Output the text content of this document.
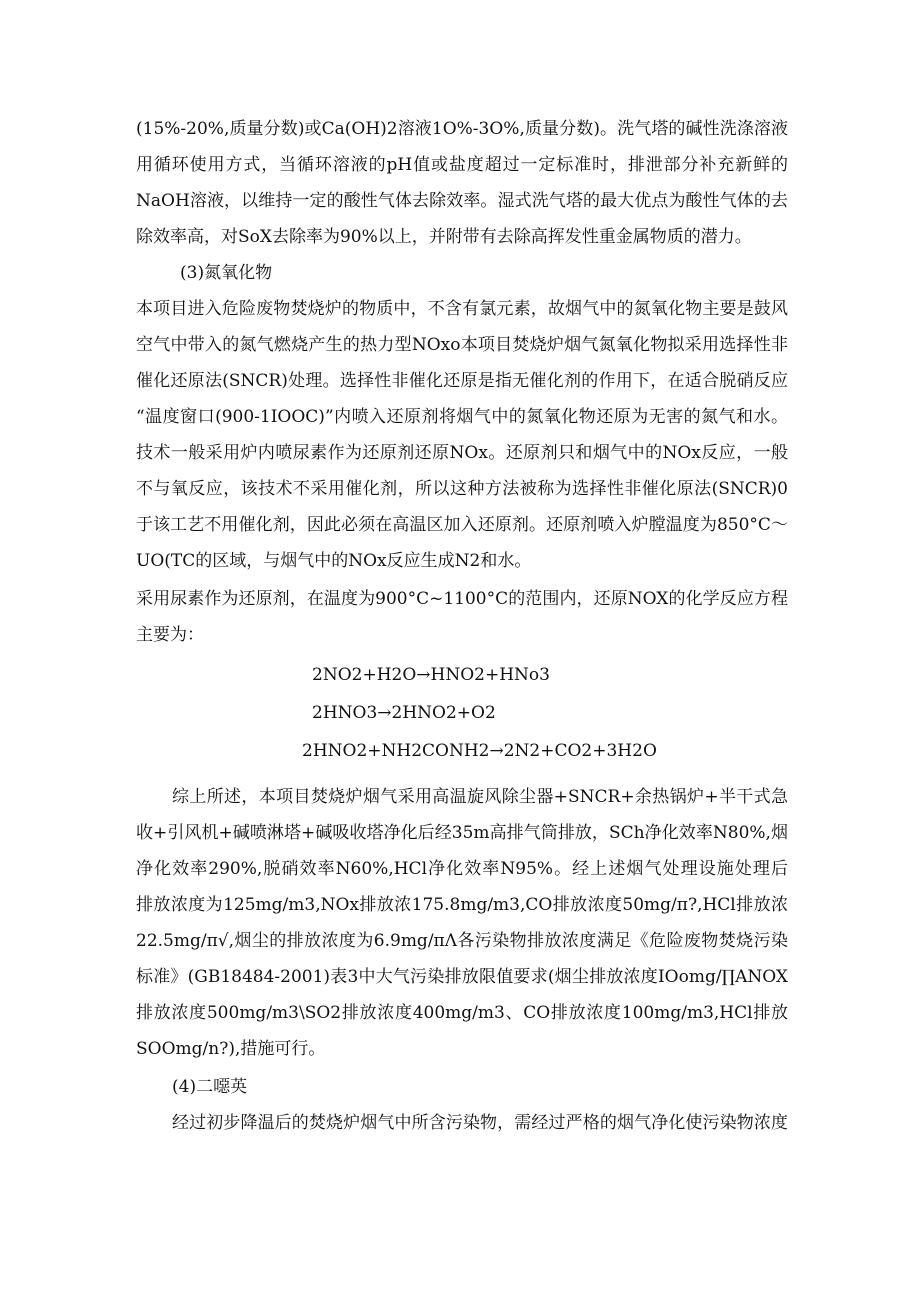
(15%-20%,质量分数)或Ca(OH)2溶液1O%-3O%,质量分数)。洗气塔的碱性洗涤溶液
用循环使用方式，当循环溶液的pH值或盐度超过一定标准时，排泄部分补充新鲜的
NaOH溶液，以维持一定的酸性气体去除效率。湿式洗气塔的最大优点为酸性气体的去
除效率高，对SoX去除率为90%以上，并附带有去除高挥发性重金属物质的潜力。
(3)氮氧化物
本项目进入危险废物焚烧炉的物质中，不含有氯元素，故烟气中的氮氧化物主要是鼓风
空气中带入的氮气燃烧产生的热力型NOxo本项目焚烧炉烟气氮氧化物拟采用选择性非
催化还原法(SNCR)处理。选择性非催化还原是指无催化剂的作用下，在适合脱硝反应
“温度窗口(900-1IOOC)”内喷入还原剂将烟气中的氮氧化物还原为无害的氮气和水。
技术一般采用炉内喷尿素作为还原剂还原NOx。还原剂只和烟气中的NOx反应，一般
不与氧反应，该技术不采用催化剂，所以这种方法被称为选择性非催化原法(SNCR)0
于该工艺不用催化剂，因此必须在高温区加入还原剂。还原剂喷入炉膛温度为850°C～
UO(TC的区域，与烟气中的NOx反应生成N2和水。
采用尿素作为还原剂，在温度为900°C~1100°C的范围内，还原NOX的化学反应方程
主要为：
2NO2+H2O→HNO2+HNo3
2HNO3→2HNO2+O2
2HNO2+NH2CONH2→2N2+CO2+3H2O
综上所述，本项目焚烧炉烟气采用高温旋风除尘器+SNCR+余热锅炉+半干式急
收+引风机+碱喷淋塔+碱吸收塔净化后经35m高排气筒排放，SCh净化效率N80%,烟
净化效率290%,脱硝效率N60%,HCl净化效率N95%。经上述烟气处理设施处理后
排放浓度为125mg/m3,NOx排放浓175.8mg/m3,CO排放浓度50mg/π?,HCl排放浓
22.5mg/π√,烟尘的排放浓度为6.9mg/πΛ各污染物排放浓度满足《危险废物焚烧污染
标准》(GB18484-2001)表3中大气污染排放限值要求(烟尘排放浓度IOomg/∏ANOX
排放浓度500mg/m3\SO2排放浓度400mg/m3、CO排放浓度100mg/m3,HCl排放
SOOmg/n?),措施可行。
(4)二噁英
经过初步降温后的焚烧炉烟气中所含污染物，需经过严格的烟气净化使污染物浓度
